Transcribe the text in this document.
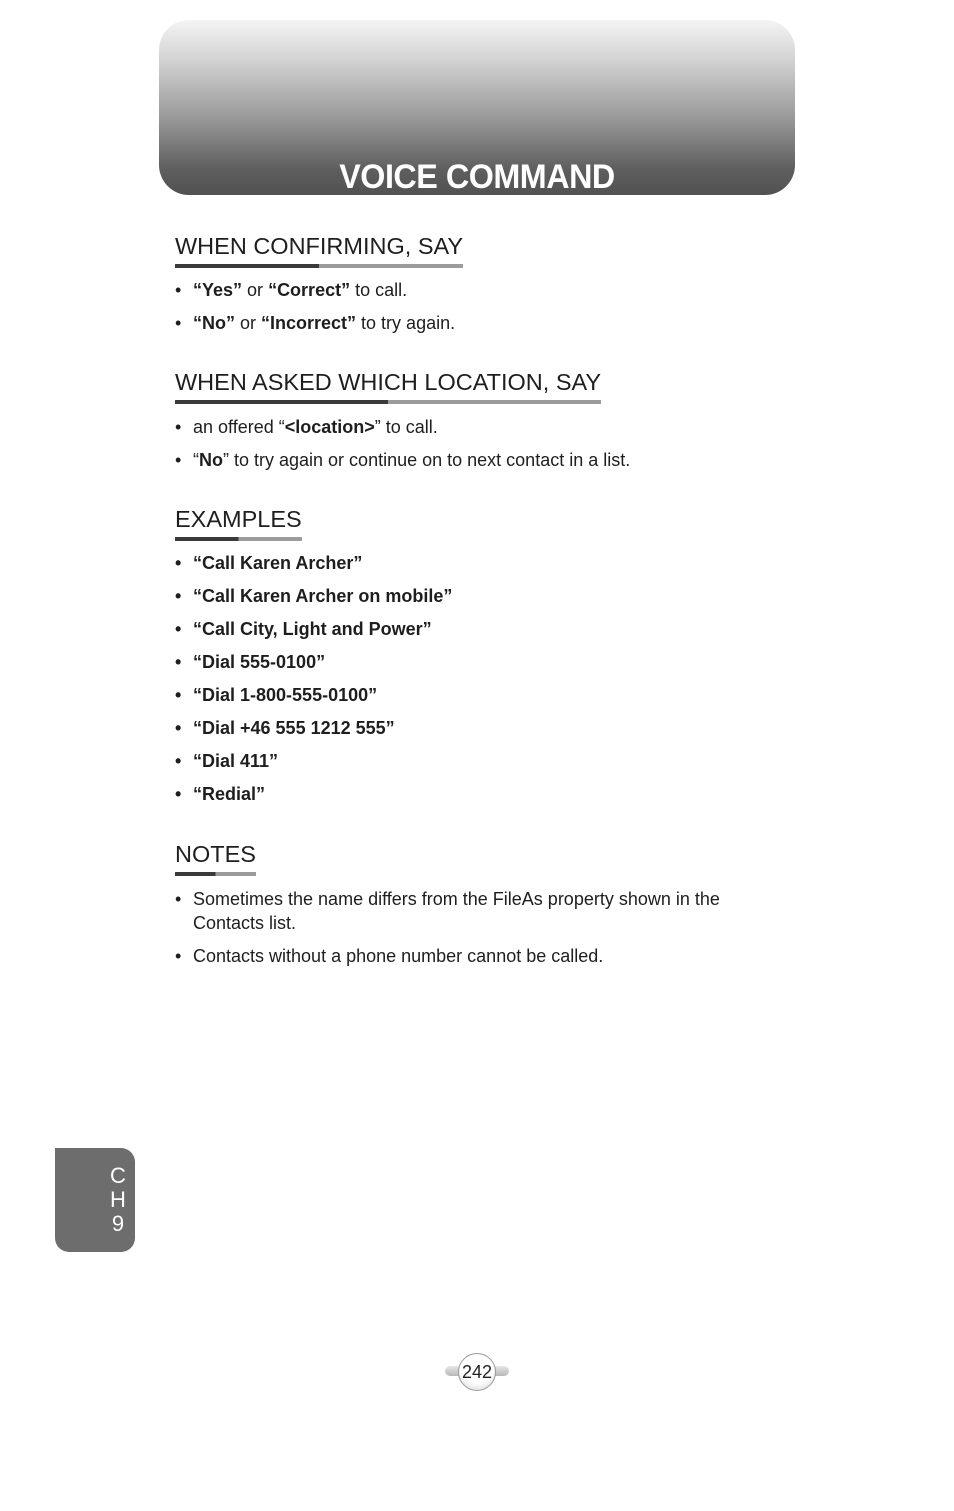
VOICE COMMAND
WHEN CONFIRMING, SAY
• “Yes” or “Correct” to call.
• “No” or “Incorrect” to try again.
WHEN ASKED WHICH LOCATION, SAY
• an offered “<location>” to call.
• “No” to try again or continue on to next contact in a list.
EXAMPLES
• “Call Karen Archer”
• “Call Karen Archer on mobile”
• “Call City, Light and Power”
• “Dial 555-0100”
• “Dial 1-800-555-0100”
• “Dial +46 555 1212 555”
• “Dial 411”
• “Redial”
NOTES
• Sometimes the name differs from the FileAs property shown in the Contacts list.
• Contacts without a phone number cannot be called.
C
H
9
242
